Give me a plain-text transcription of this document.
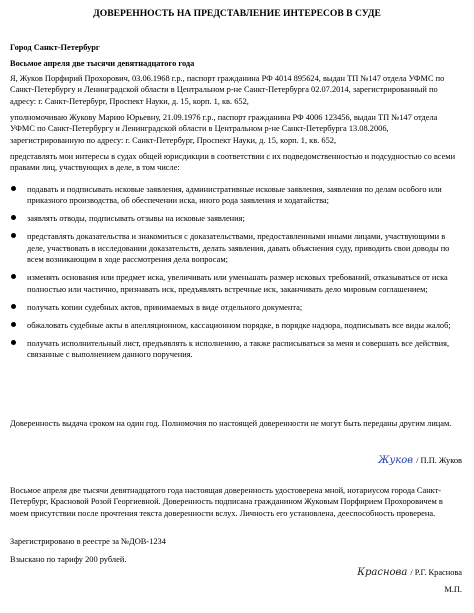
ДОВЕРЕННОСТЬ НА ПРЕДСТАВЛЕНИЕ ИНТЕРЕСОВ В СУДЕ
Город Санкт-Петербург
Восьмое апреля две тысячи девятнадцатого года
Я, Жуков Порфирий Прохорович, 03.06.1968 г.р., паспорт гражданина РФ 4014 895624, выдан ТП №147 отдела УФМС по Санкт-Петербургу и Ленинградской области в Центральном р-не Санкт-Петербурга 02.07.2014, зарегистрированный по адресу: г. Санкт-Петербург, Проспект Науки, д. 15, корп. 1, кв. 652,
уполномочиваю Жукову Марию Юрьевну, 21.09.1976 г.р., паспорт гражданина РФ 4006 123456, выдан ТП №147 отдела УФМС по Санкт-Петербургу и Ленинградской области в Центральном р-не Санкт-Петербурга 13.08.2006, зарегистрированную по адресу: г. Санкт-Петербург, Проспект Науки, д. 15, корп. 1, кв. 652,
представлять мои интересы в судах общей юрисдикции в соответствии с их подведомственностью и подсудностью со всеми правами лиц, участвующих в деле, в том числе:
подавать и подписывать исковые заявления, административные исковые заявления, заявления по делам особого или приказного производства, об обеспечении иска, иного рода заявления и ходатайства;
заявлять отводы, подписывать отзывы на исковые заявления;
представлять доказательства и знакомиться с доказательствами, предоставленными иными лицами, участвующими в деле, участвовать в исследовании доказательств, делать заявления, давать объяснения суду, приводить свои доводы по всем возникающим в ходе рассмотрения дела вопросам;
изменять основания или предмет иска, увеличивать или уменьшать размер исковых требований, отказываться от иска полностью или частично, признавать иск, предъявлять встречные иск, заканчивать дело мировым соглашением;
получать копии судебных актов, принимаемых в виде отдельного документа;
обжаловать судебные акты в апелляционном, кассационном порядке, в порядке надзора, подписывать все виды жалоб;
получать исполнительный лист, предъявлять к исполнению, а также расписываться за меня и совершать все действия, связанные с выполнением данного поручения.
Доверенность выдача сроком на один год. Полномочия по настоящей доверенности не могут быть переданы другим лицам.
Жуков / П.П. Жуков
Восьмое апреля две тысячи девятнадцатого года настоящая доверенность удостоверена мной, нотариусом города Санкт-Петербург, Красновой Розой Георгиевной. Доверенность подписана гражданином Жуковым Порфирием Прохоровичем в моем присутствии после прочтения текста доверенности вслух. Личность его установлена, дееспособность проверена.
Зарегистрировано в реестре за №ДОВ-1234
Взыскано по тарифу 200 рублей.
Краснова / Р.Г. Краснова
М.П.
